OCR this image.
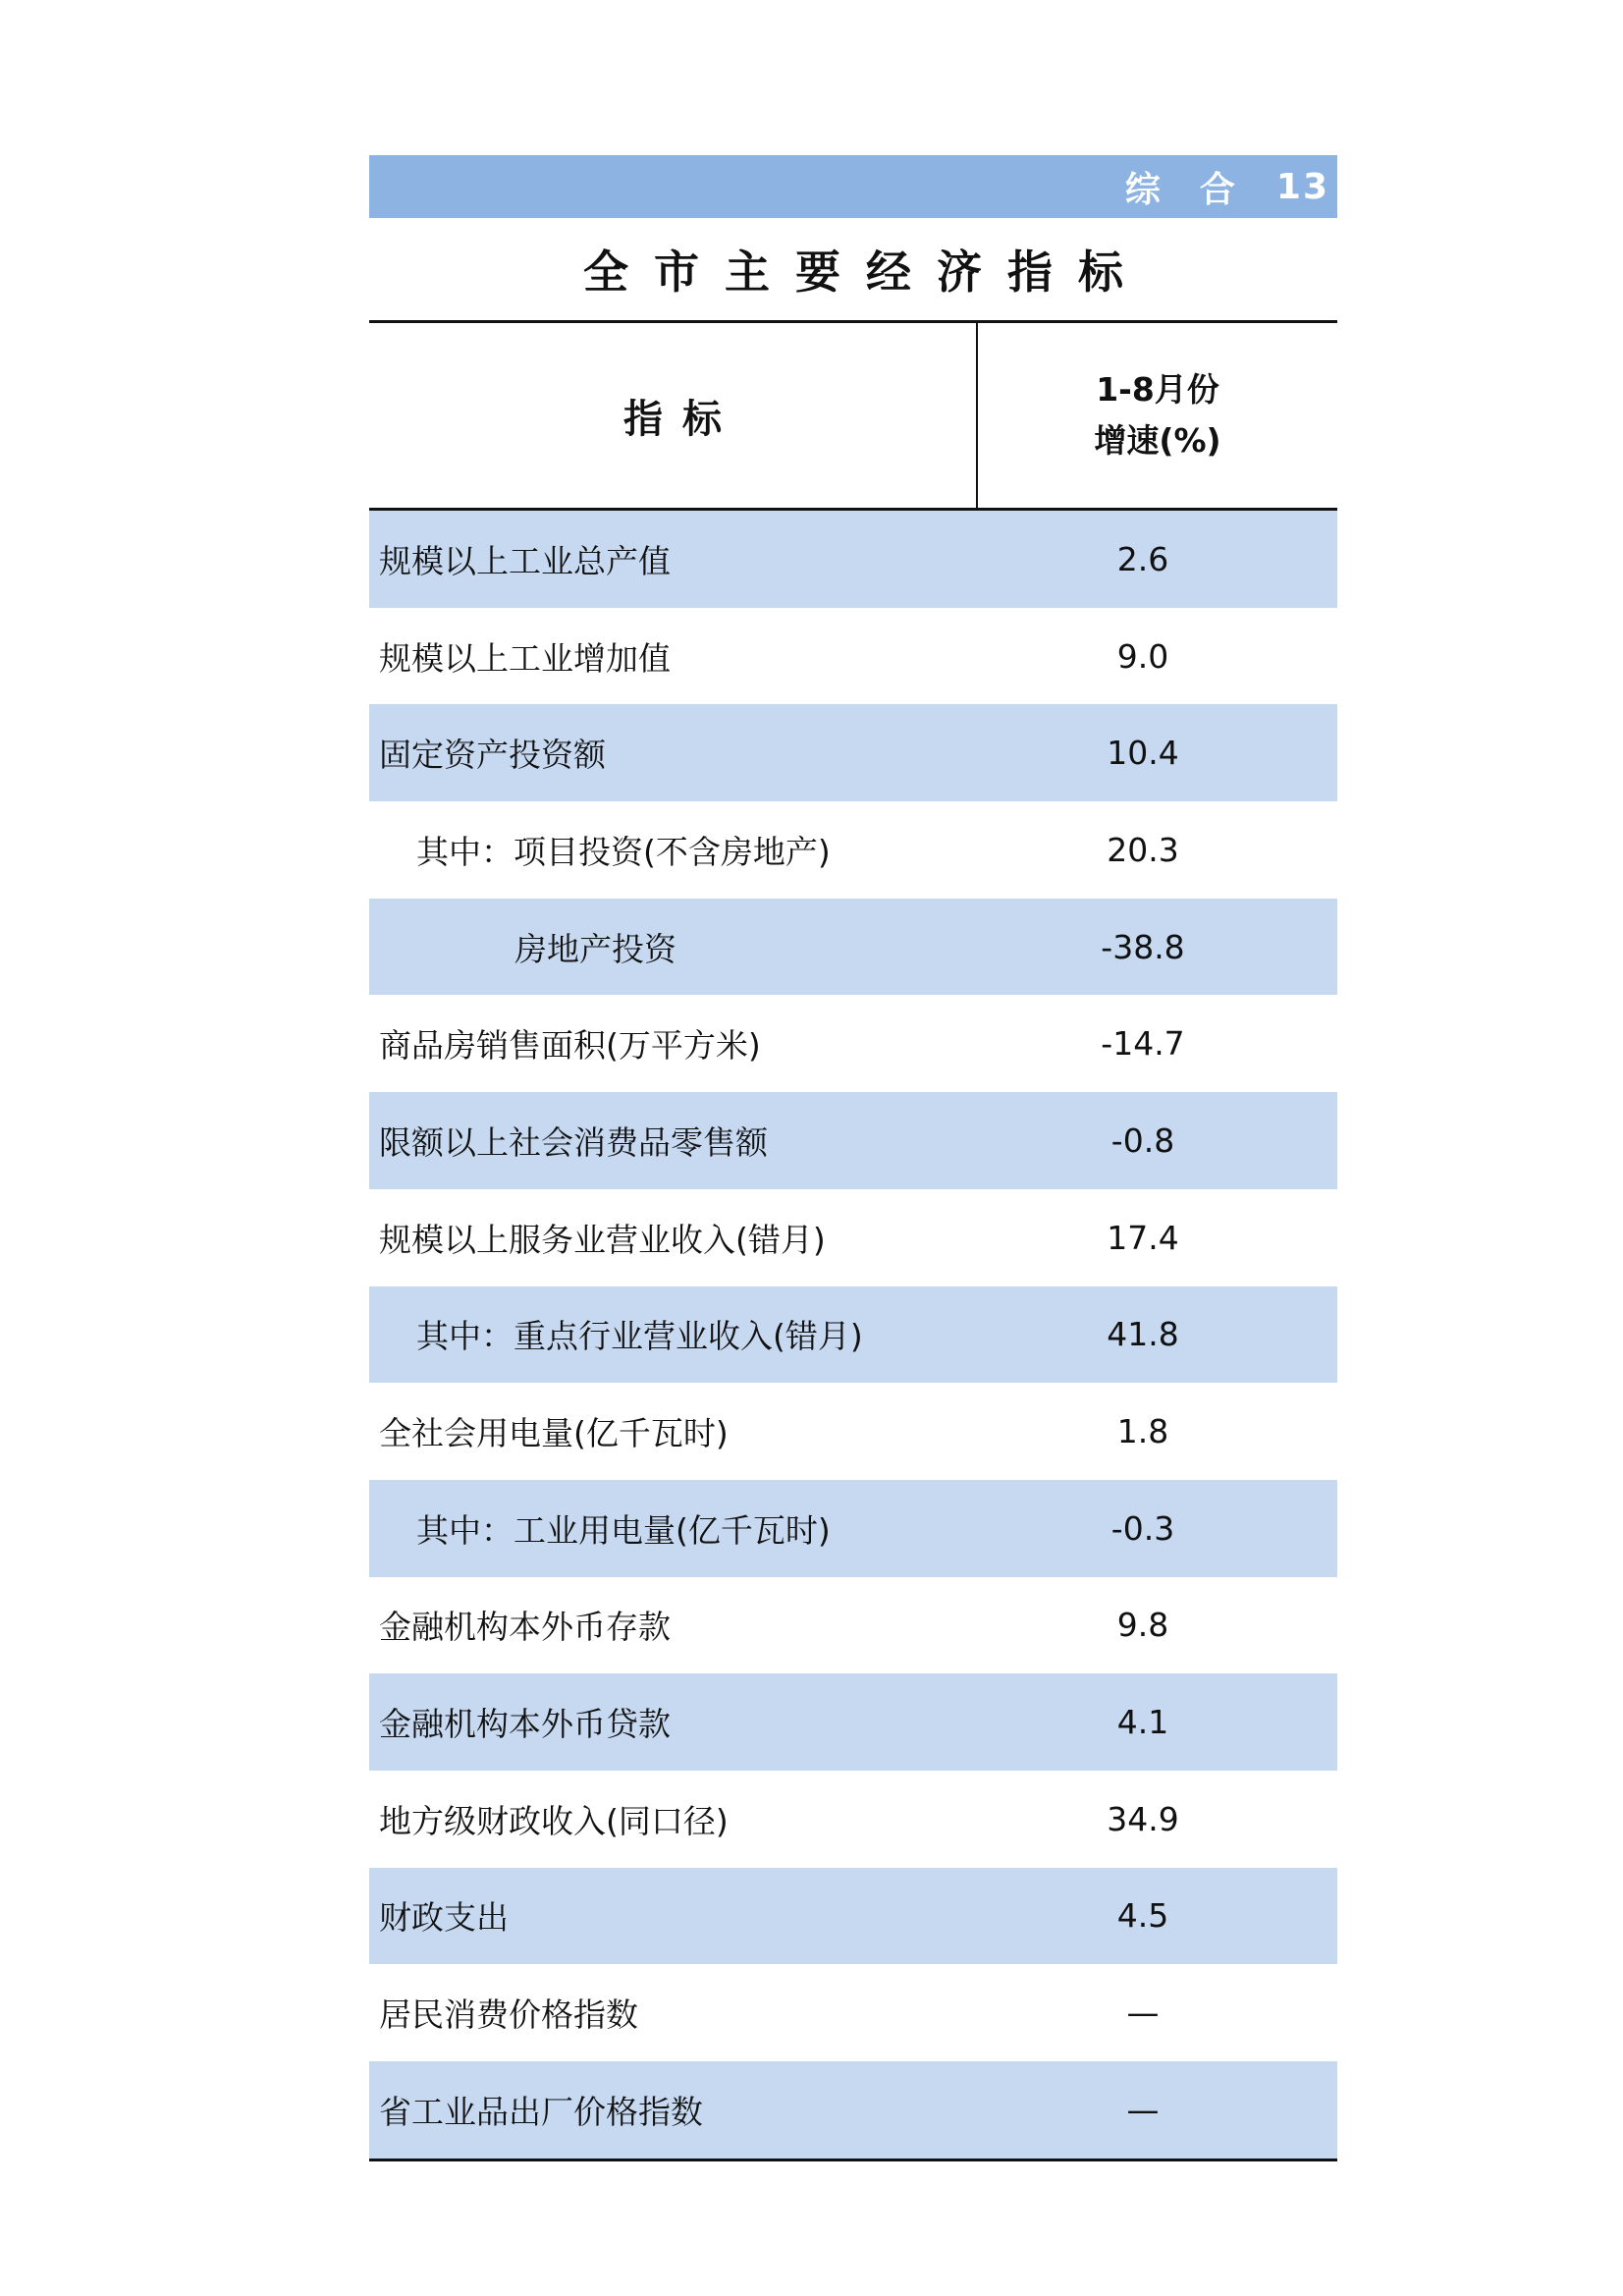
综合 13
全市主要经济指标
指标
1-8月份
增速(%)
规模以上工业总产值	2.6
规模以上工业增加值	9.0
固定资产投资额	10.4
其中：项目投资(不含房地产)	20.3
房地产投资	-38.8
商品房销售面积(万平方米)	-14.7
限额以上社会消费品零售额	-0.8
规模以上服务业营业收入(错月)	17.4
其中：重点行业营业收入(错月)	41.8
全社会用电量(亿千瓦时)	1.8
其中：工业用电量(亿千瓦时)	-0.3
金融机构本外币存款	9.8
金融机构本外币贷款	4.1
地方级财政收入(同口径)	34.9
财政支出	4.5
居民消费价格指数	—
省工业品出厂价格指数	—
